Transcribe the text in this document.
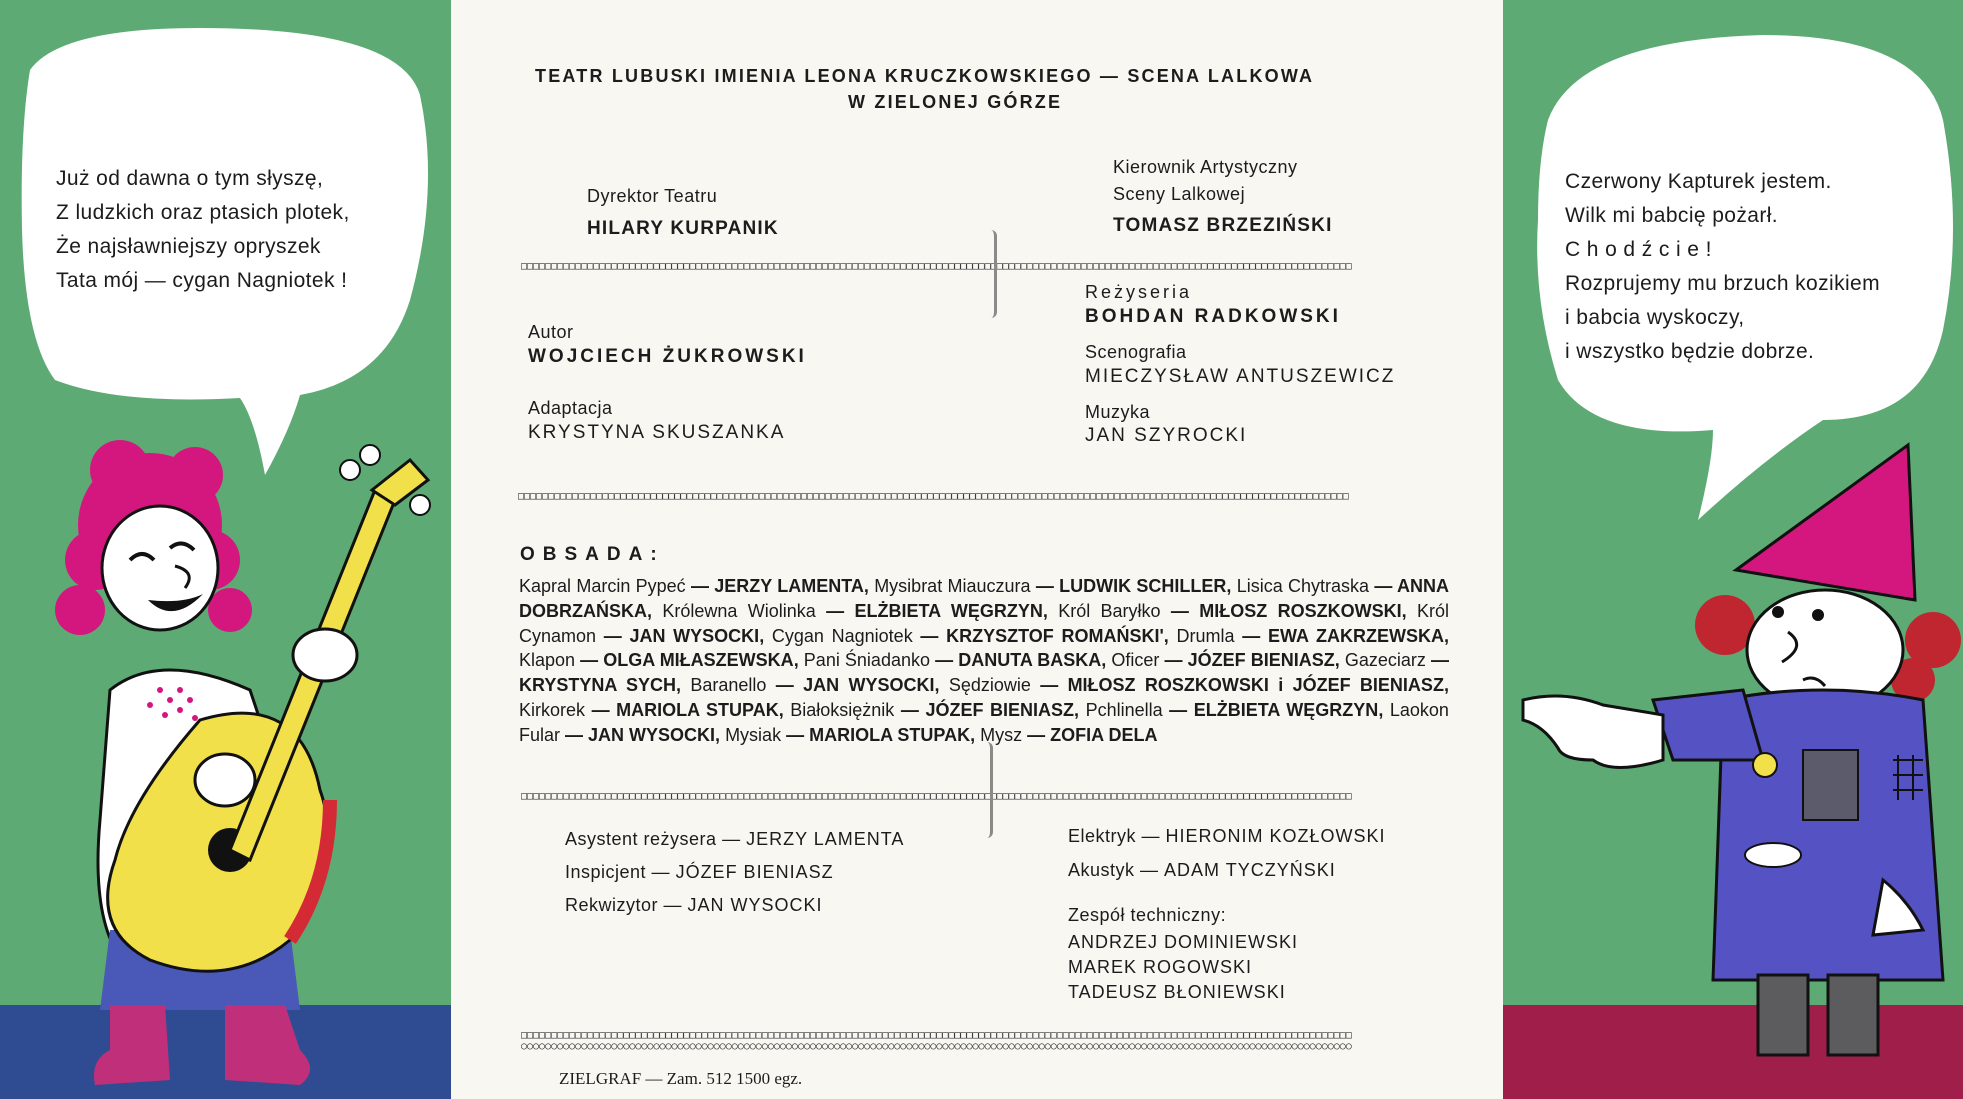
Już od dawna o tym słyszę,
Z ludzkich oraz ptasich plotek,
Że najsławniejszy opryszek
Tata mój — cygan Nagniotek !
TEATR LUBUSKI IMIENIA LEONA KRUCZKOWSKIEGO — SCENA LALKOWA
W ZIELONEJ GÓRZE
Dyrektor Teatru
HILARY KURPANIK
Kierownik Artystyczny
Sceny Lalkowej
TOMASZ BRZEZIŃSKI
□□□□□□□□□□□□□□□□□□□□□□□□□□□□□□□□□□□□□□□□□□□□□□□□□□□□□□□□□□□□□□□□□□□□□□□□□□□□□□□□□□□□□□□□□□□□□□□□□□□□□□□□□□□□□□□□□□□□□□□□□□□□□□□□□□□□□□□□□□
Reżyseria
BOHDAN RADKOWSKI
Autor
WOJCIECH ŻUKROWSKI	Scenografia
MIECZYSŁAW ANTUSZEWICZ
Adaptacja
KRYSTYNA SKUSZANKA
Muzyka
JAN SZYROCKI
□□□□□□□□□□□□□□□□□□□□□□□□□□□□□□□□□□□□□□□□□□□□□□□□□□□□□□□□□□□□□□□□□□□□□□□□□□□□□□□□□□□□□□□□□□□□□□□□□□□□□□□□□□□□□□□□□□□□□□□□□□□□□□□□□□□□□□□□□□
OBSADA:
Kapral Marcin Pypeć — JERZY LAMENTA, Mysibrat Miauczura — LUDWIK SCHILLER, Lisica Chytraska — ANNA DOBRZAŃSKA, Królewna Wiolinka — ELŻBIETA WĘGRZYN, Król Baryłko — MIŁOSZ ROSZKOWSKI, Król Cynamon — JAN WYSOCKI, Cygan Nagniotek — KRZYSZTOF ROMAŃSKI', Drumla — EWA ZAKRZEWSKA, Klapon — OLGA MIŁASZEWSKA, Pani Śniadanko — DANUTA BASKA, Oficer — JÓZEF BIENIASZ, Gazeciarz — KRYSTYNA SYCH, Baranello — JAN WYSOCKI, Sędziowie — MIŁOSZ ROSZKOWSKI i JÓZEF BIENIASZ, Kirkorek — MARIOLA STUPAK, Białoksiężnik — JÓZEF BIENIASZ, Pchlinella — ELŻBIETA WĘGRZYN, Laokon Fular — JAN WYSOCKI, Mysiak — MARIOLA STUPAK, Mysz — ZOFIA DELA
□□□□□□□□□□□□□□□□□□□□□□□□□□□□□□□□□□□□□□□□□□□□□□□□□□□□□□□□□□□□□□□□□□□□□□□□□□□□□□□□□□□□□□□□□□□□□□□□□□□□□□□□□□□□□□□□□□□□□□□□□□□□□□□□□□□□□□□□□□
Asystent reżysera — JERZY LAMENTA
Inspicjent — JÓZEF BIENIASZ
Rekwizytor — JAN WYSOCKI
Elektryk — HIERONIM KOZŁOWSKI
Akustyk — ADAM TYCZYŃSKI
Zespół techniczny:
ANDRZEJ DOMINIEWSKI
MAREK ROGOWSKI
TADEUSZ BŁONIEWSKI
□□□□□□□□□□□□□□□□□□□□□□□□□□□□□□□□□□□□□□□□□□□□□□□□□□□□□□□□□□□□□□□□□□□□□□□□□□□□□□□□□□□□□□□□□□□□□□□□□□□□□□□□□□□□□□□□□□□□□□□□□□□□□□□□□□□□□□□□□□
○○○○○○○○○○○○○○○○○○○○○○○○○○○○○○○○○○○○○○○○○○○○○○○○○○○○○○○○○○○○○○○○○○○○○○○○○○○○○○○○○○○○○○○○○○○○○○○○○○○○○○○○○○○○○○○○○○○○○○○○○○○○○○○○○○○○○○○○○○
ZIELGRAF — Zam. 512 1500 egz.
Czerwony Kapturek jestem.
Wilk mi babcię pożarł.
C h o d ź c i e !
Rozprujemy mu brzuch kozikiem
i babcia wyskoczy,
i wszystko będzie dobrze.
